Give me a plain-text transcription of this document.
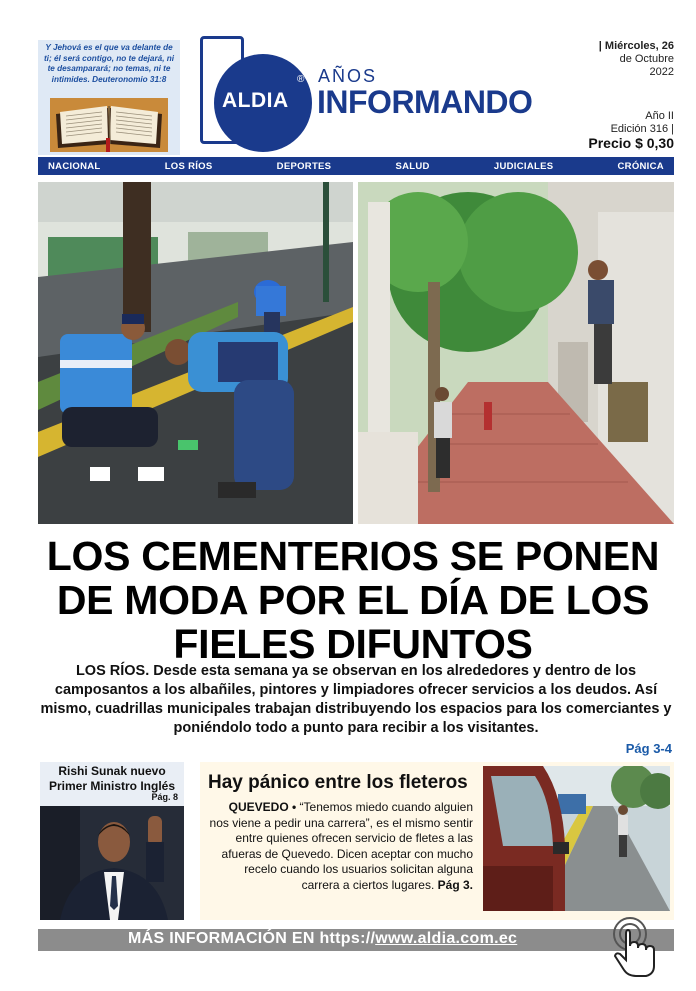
Y Jehová es el que va delante de ti; él será contigo, no te dejará, ni te desamparará; no temas, ni te intimides. Deuteronomio 31:8
ALDIA
® AÑOS
INFORMANDO
| Miércoles, 26
de Octubre
2022
Año II
Edición 316 |
Precio $ 0,30
NACIONAL	LOS RÍOS	DEPORTES	SALUD	JUDICIALES	CRÓNICA
LOS CEMENTERIOS SE PONEN DE MODA POR EL DÍA DE LOS FIELES DIFUNTOS

LOS RÍOS. Desde esta semana ya se observan en los alrededores y dentro de los camposantos a los albañiles, pintores y limpiadores ofrecer servicios a los deudos. Así mismo, cuadrillas municipales trabajan distribuyendo los espacios para los comerciantes y poniéndolo todo a punto para recibir a los visitantes.

Pág 3-4
Rishi Sunak nuevo Primer Ministro Inglés
Pág. 8
Hay pánico entre los fleteros
QUEVEDO • “Tenemos miedo cuando alguien nos viene a pedir una carrera”, es el mismo sentir entre quienes ofrecen servicio de fletes a las afueras de Quevedo. Dicen aceptar con mucho recelo cuando los usuarios solicitan alguna carrera a ciertos lugares. Pág 3.
MÁS INFORMACIÓN EN https://www.aldia.com.ec
